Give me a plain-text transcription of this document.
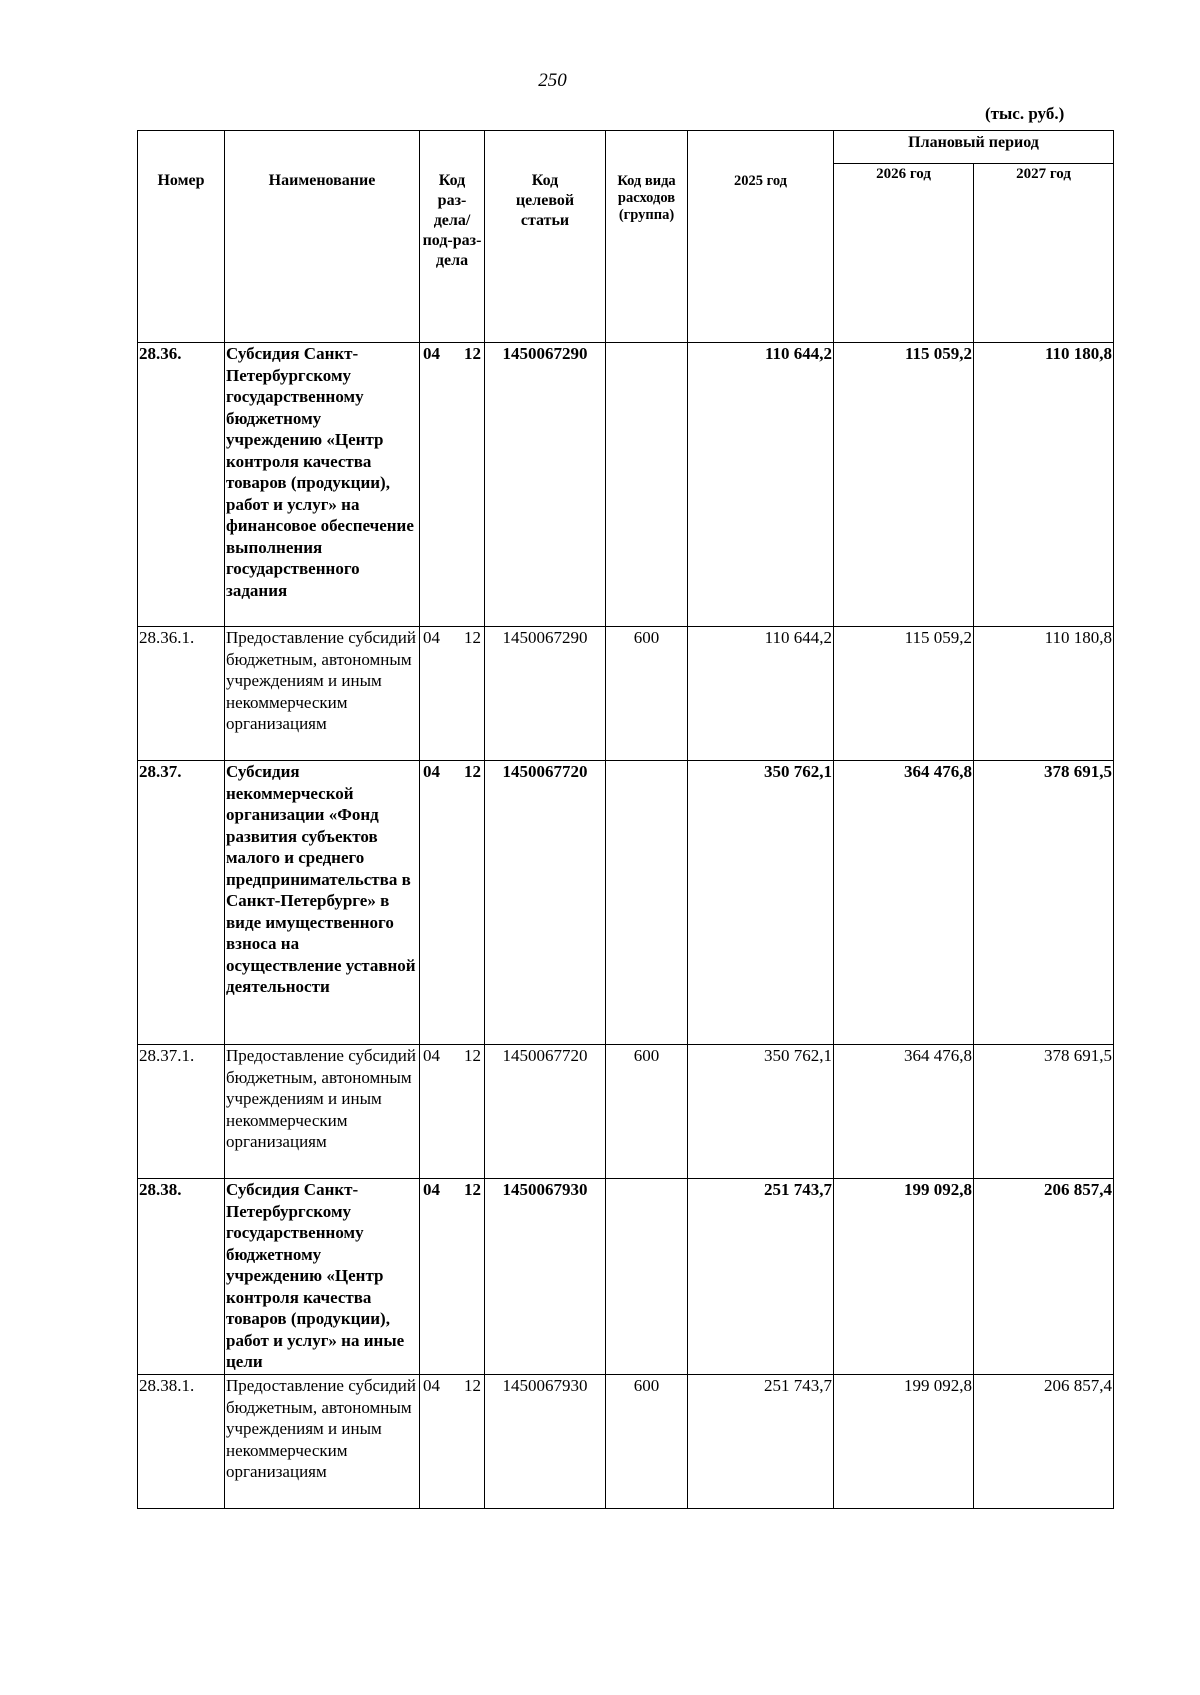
250
(тыс. руб.)
Номер	Наименование	Код раз-дела/ под-раз-дела	Код целевой статьи	Код вида расходов (группа)	2025 год	Плановый период	
						2026 год	2027 год
28.36.	Субсидия Санкт-Петербургскому государственному бюджетному учреждению «Центр контроля качества товаров (продукции), работ и услуг» на финансовое обеспечение выполнения государственного задания	04 12	1450067290		110 644,2	115 059,2	110 180,8
28.36.1.	Предоставление субсидий бюджетным, автономным учреждениям и иным некоммерческим организациям	04 12	1450067290	600	110 644,2	115 059,2	110 180,8
28.37.	Субсидия некоммерческой организации «Фонд развития субъектов малого и среднего предпринимательства в Санкт-Петербурге» в виде имущественного взноса на осуществление уставной деятельности	04 12	1450067720		350 762,1	364 476,8	378 691,5
28.37.1.	Предоставление субсидий бюджетным, автономным учреждениям и иным некоммерческим организациям	04 12	1450067720	600	350 762,1	364 476,8	378 691,5
28.38.	Субсидия Санкт-Петербургскому государственному бюджетному учреждению «Центр контроля качества товаров (продукции), работ и услуг» на иные цели	04 12	1450067930		251 743,7	199 092,8	206 857,4
28.38.1.	Предоставление субсидий бюджетным, автономным учреждениям и иным некоммерческим организациям	04 12	1450067930	600	251 743,7	199 092,8	206 857,4
